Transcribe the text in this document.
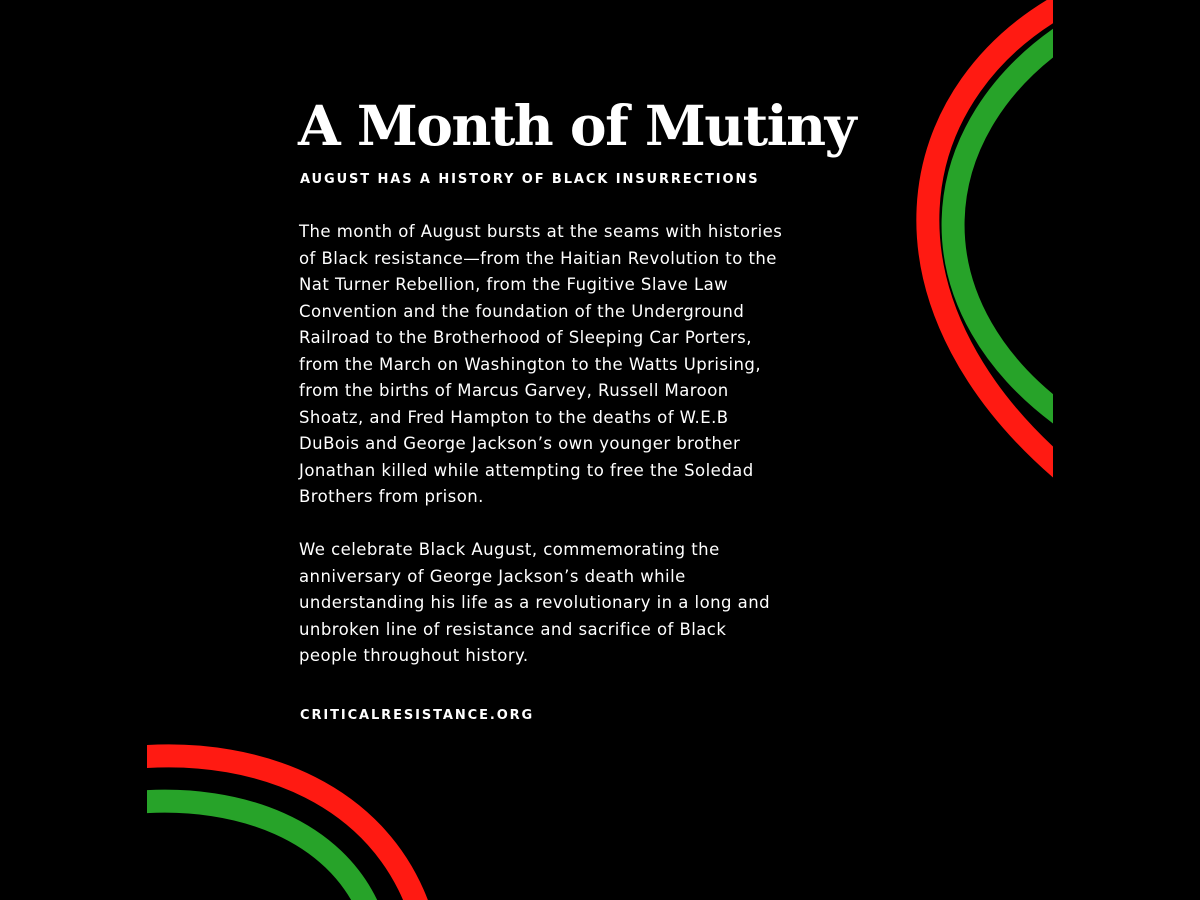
A Month of Mutiny

AUGUST HAS A HISTORY OF BLACK INSURRECTIONS

The month of August bursts at the seams with histories
of Black resistance—from the Haitian Revolution to the
Nat Turner Rebellion, from the Fugitive Slave Law
Convention and the foundation of the Underground
Railroad to the Brotherhood of Sleeping Car Porters,
from the March on Washington to the Watts Uprising,
from the births of Marcus Garvey, Russell Maroon
Shoatz, and Fred Hampton to the deaths of W.E.B
DuBois and George Jackson’s own younger brother
Jonathan killed while attempting to free the Soledad
Brothers from prison.

We celebrate Black August, commemorating the
anniversary of George Jackson’s death while
understanding his life as a revolutionary in a long and
unbroken line of resistance and sacrifice of Black
people throughout history.

CRITICALRESISTANCE.ORG
